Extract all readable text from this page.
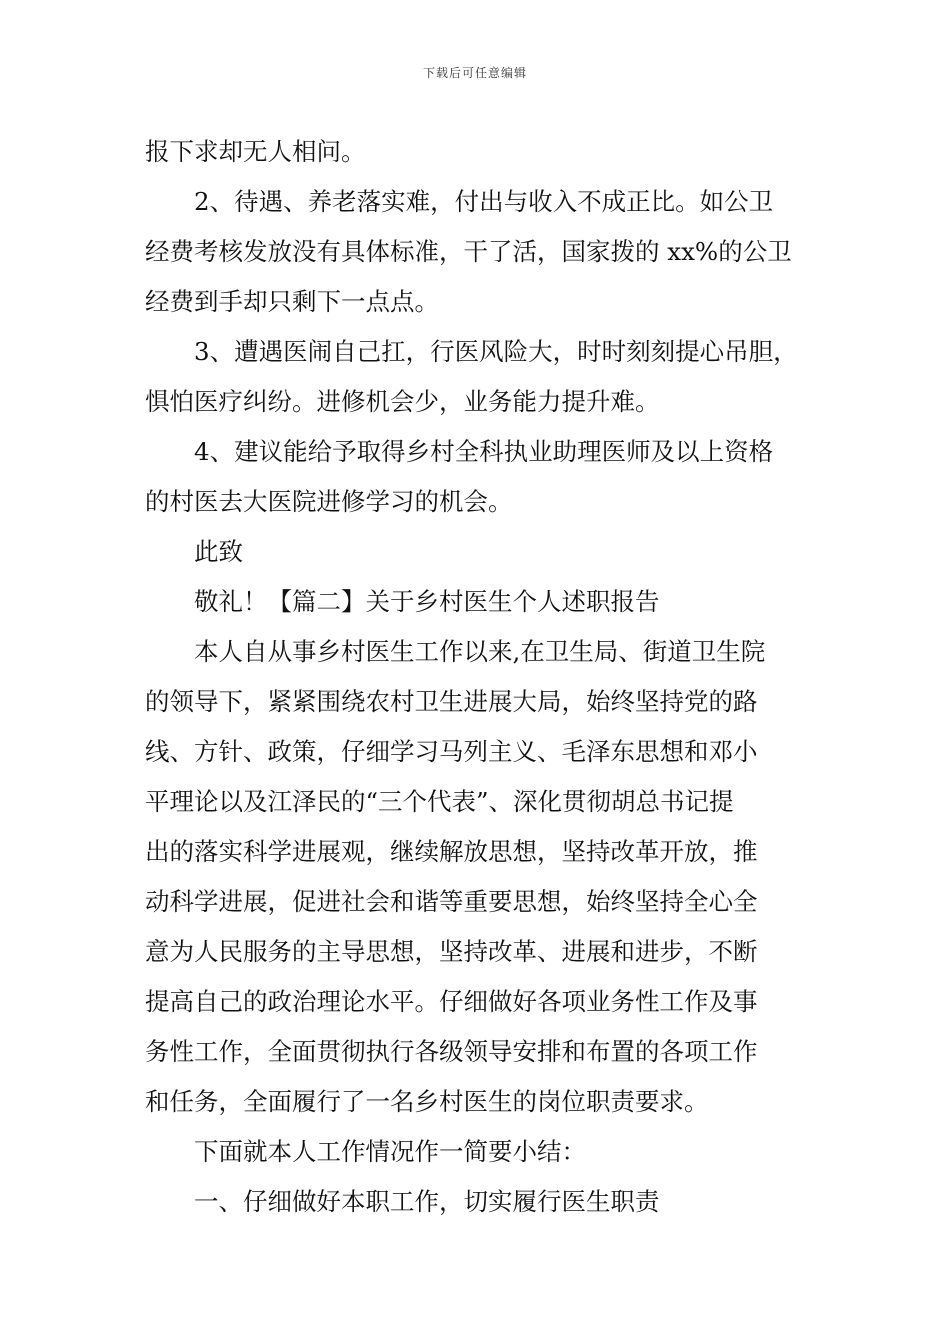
下载后可任意编辑
报下求却无人相问。
2、待遇、养老落实难，付出与收入不成正比。如公卫
经费考核发放没有具体标准，干了活，国家拨的 xx%的公卫
经费到手却只剩下一点点。
3、遭遇医闹自己扛，行医风险大，时时刻刻提心吊胆，
惧怕医疗纠纷。进修机会少，业务能力提升难。
4、建议能给予取得乡村全科执业助理医师及以上资格
的村医去大医院进修学习的机会。
此致
敬礼！【篇二】关于乡村医生个人述职报告
本人自从事乡村医生工作以来,在卫生局、街道卫生院
的领导下，紧紧围绕农村卫生进展大局，始终坚持党的路
线、方针、政策，仔细学习马列主义、毛泽东思想和邓小
平理论以及江泽民的“三个代表”、深化贯彻胡总书记提
出的落实科学进展观，继续解放思想，坚持改革开放，推
动科学进展，促进社会和谐等重要思想，始终坚持全心全
意为人民服务的主导思想，坚持改革、进展和进步，不断
提高自己的政治理论水平。仔细做好各项业务性工作及事
务性工作，全面贯彻执行各级领导安排和布置的各项工作
和任务，全面履行了一名乡村医生的岗位职责要求。
下面就本人工作情况作一简要小结：
一、仔细做好本职工作，切实履行医生职责
